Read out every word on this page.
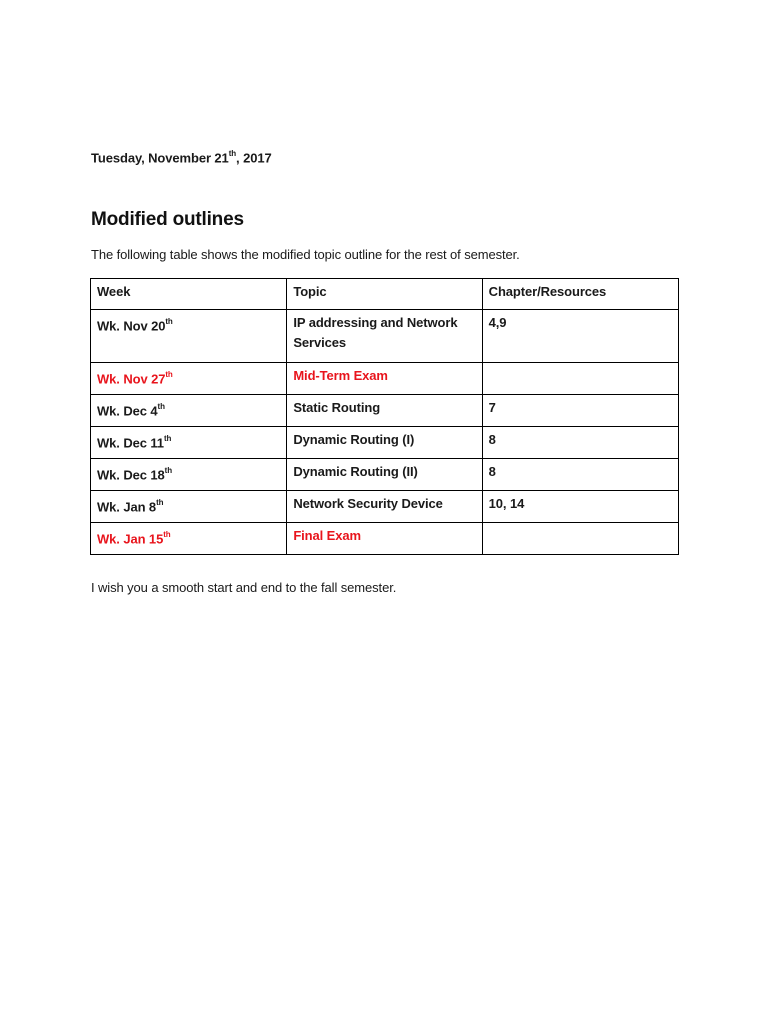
Tuesday, November 21th, 2017
Modified outlines
The following table shows the modified topic outline for the rest of semester.
Week	Topic	Chapter/Resources
Wk. Nov 20th	IP addressing and Network Services	4,9
Wk. Nov 27th	Mid-Term Exam	
Wk. Dec 4th	Static Routing	7
Wk. Dec 11th	Dynamic Routing (I)	8
Wk. Dec 18th	Dynamic Routing (II)	8
Wk. Jan 8th	Network Security Device	10, 14
Wk. Jan 15th	Final Exam	
I wish you a smooth start and end to the fall semester.
